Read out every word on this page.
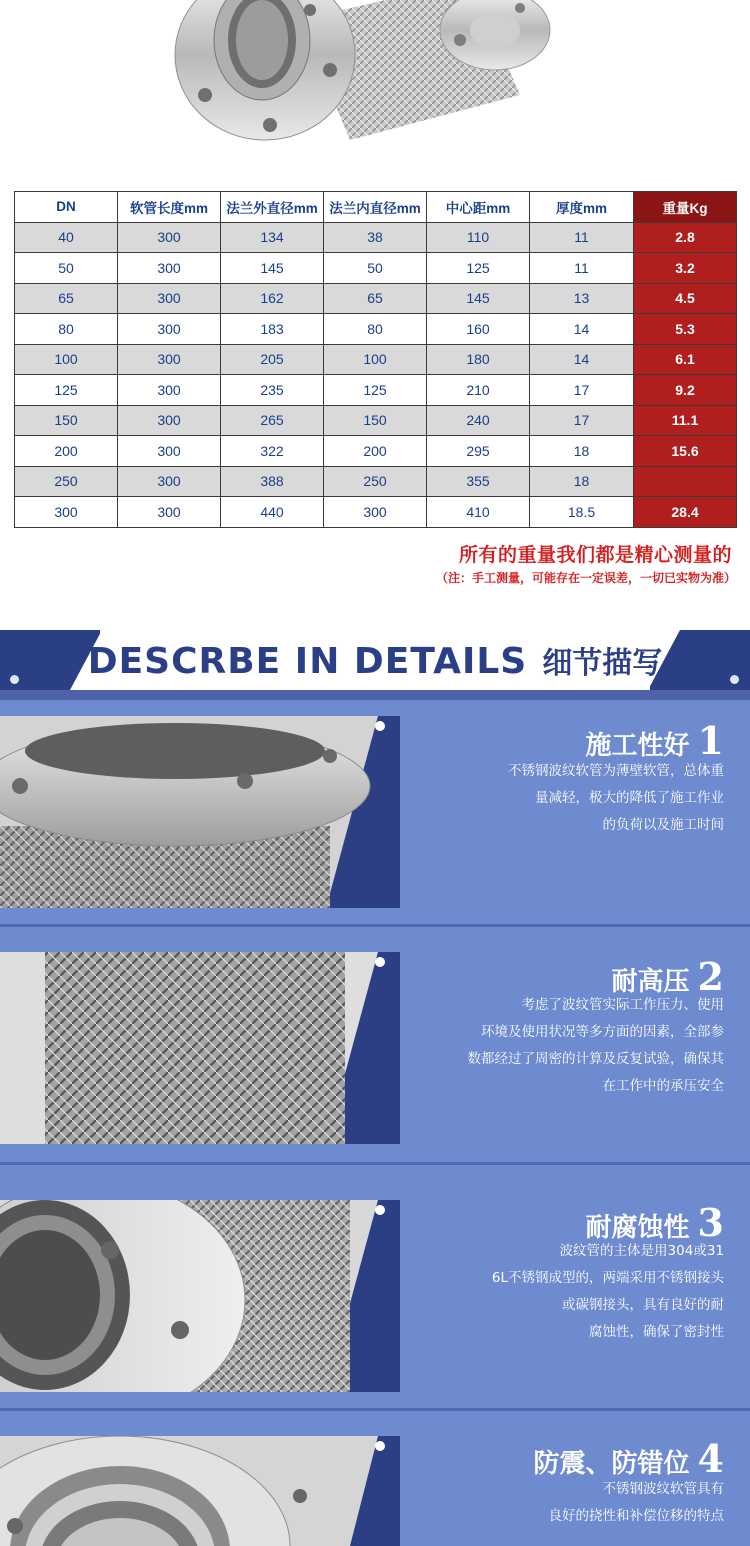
DN	软管长度mm	法兰外直径mm	法兰内直径mm	中心距mm	厚度mm	重量Kg
40	300	134	38	110	11	2.8
50	300	145	50	125	11	3.2
65	300	162	65	145	13	4.5
80	300	183	80	160	14	5.3
100	300	205	100	180	14	6.1
125	300	235	125	210	17	9.2
150	300	265	150	240	17	11.1
200	300	322	200	295	18	15.6
250	300	388	250	355	18	
300	300	440	300	410	18.5	28.4
所有的重量我们都是精心测量的
（注：手工测量，可能存在一定误差，一切已实物为准）
DESCRBE IN DETAILS 细节描写
施工性好 1
不锈钢波纹软管为薄壁软管，总体重
量减轻，极大的降低了施工作业
的负荷以及施工时间
耐高压 2
考虑了波纹管实际工作压力、使用
环境及使用状况等多方面的因素，全部参
数都经过了周密的计算及反复试验，确保其
在工作中的承压安全
耐腐蚀性 3
波纹管的主体是用304或31
6L不锈钢成型的，两端采用不锈钢接头
或碳钢接头，具有良好的耐
腐蚀性，确保了密封性
防震、防错位 4
不锈钢波纹软管具有
良好的挠性和补偿位移的特点
